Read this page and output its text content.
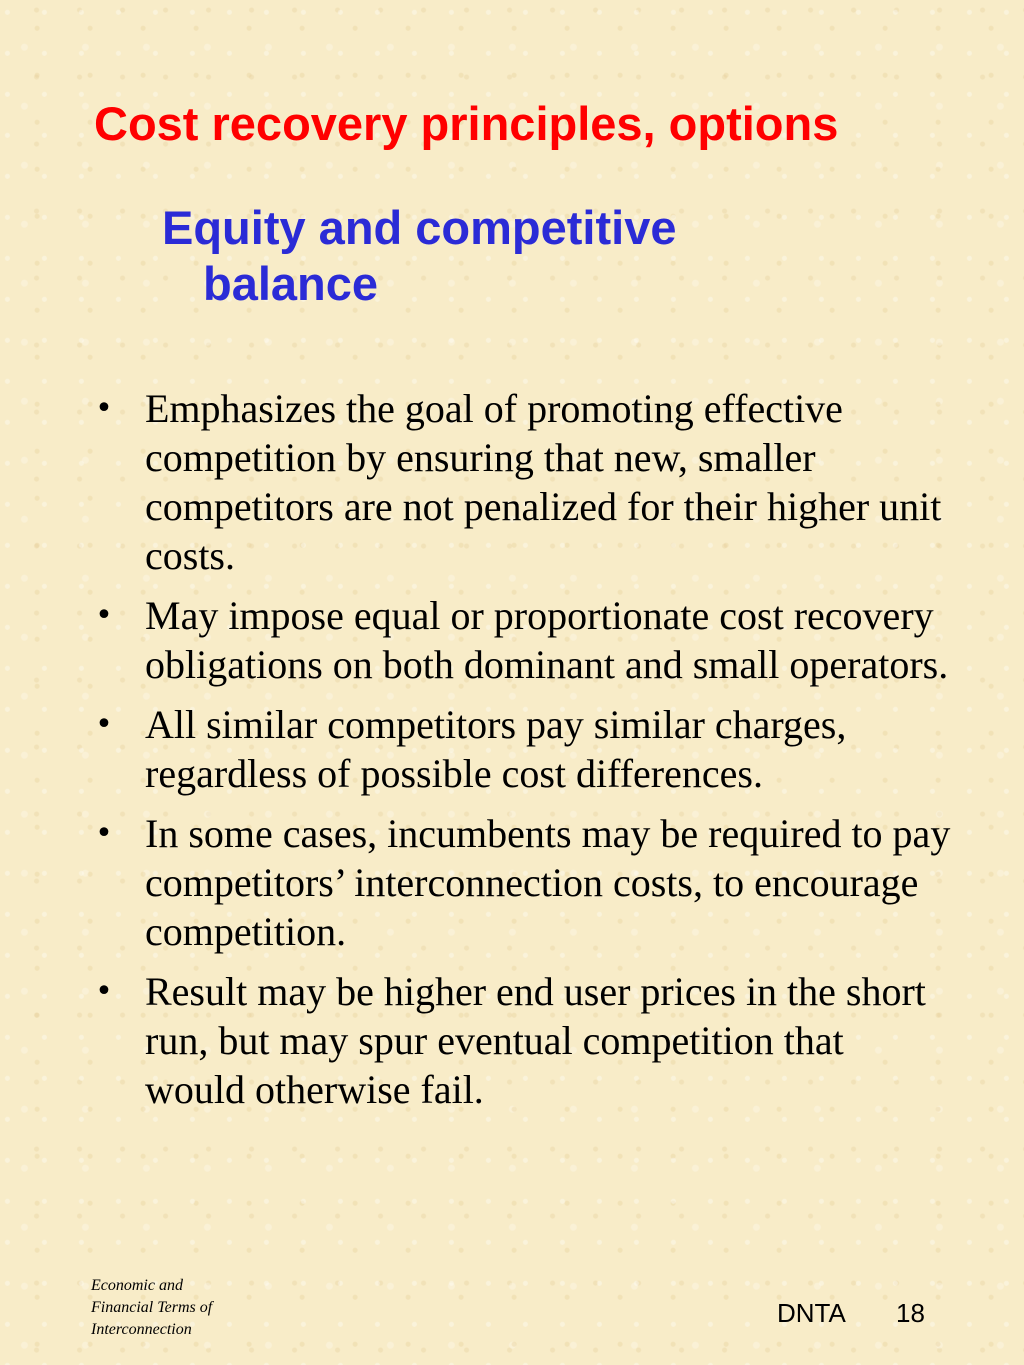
Cost recovery principles, options
Equity and competitive
balance
• Emphasizes the goal of promoting effective competition by ensuring that new, smaller competitors are not penalized for their higher unit costs.
• May impose equal or proportionate cost recovery obligations on both dominant and small operators.
• All similar competitors pay similar charges, regardless of possible cost differences.
• In some cases, incumbents may be required to pay competitors’ interconnection costs, to encourage competition.
• Result may be higher end user prices in the short run, but may spur eventual competition that would otherwise fail.
Economic and
Financial Terms of
Interconnection
DNTA 18
